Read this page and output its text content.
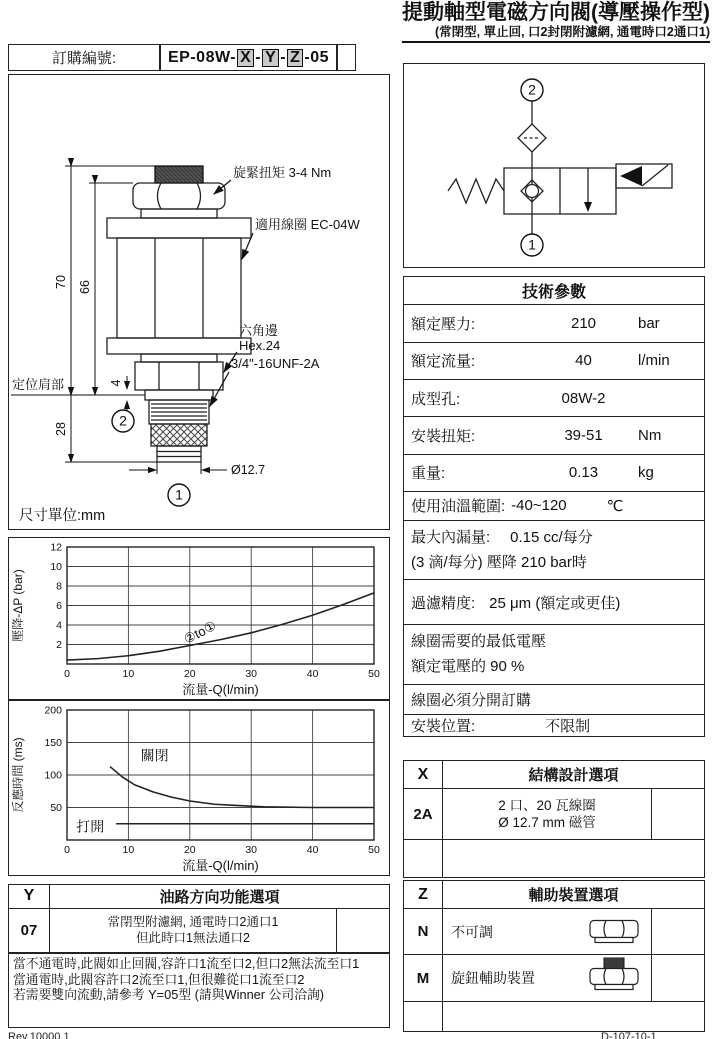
提動軸型電磁方向閥(導壓操作型)
(常閉型, 單止回, 口2封閉附濾網, 通電時口2通口1)
訂購編號:	EP-08W- X - Y - Z -05
70 66
28
4
Ø12.7
2
1
旋緊扭矩 3-4 Nm
適用線圈 EC-04W
六角邊
Hex.24
3/4"-16UNF-2A
定位肩部
尺寸單位:mm
2
1
技術參數
額定壓力:	210	bar
額定流量:	40	l/min
成型孔:	08W-2
安裝扭矩:	39-51	Nm
重量:	0.13	kg
使用油溫範圍: -40~120	℃
最大內漏量: 0.15 cc/每分
(3 滴/每分) 壓降 210 bar時
過濾精度: 25 μm (額定或更佳)
線圈需要的最低電壓
額定電壓的 90 %
線圈必須分開訂購
安裝位置:	不限制
0	10	20	30	40	50
2
4
6
8
10
12
②to①
流量-Q(l/min)
壓降-ΔP (bar)
0	10	20	30	40	50
50
100
150
200
關閉
打開
流量-Q(l/min)
反應時間 (ms)
Y	油路方向功能選項
07	常閉型附濾網, 通電時口2通口1
但此時口1無法通口2
X	結構設計選項
2A	2 口、20 瓦線圈
Ø 12.7 mm 磁管
Z	輔助裝置選項
N	不可調
M	旋鈕輔助裝置
當不通電時,此閥如止回閥,容許口1流至口2,但口2無法流至口1
當通電時,此閥容許口2流至口1,但很難從口1流至口2
若需要雙向流動,請參考 Y=05型 (請與Winner 公司洽詢)
Rev.10000.1	D-107-10-1
